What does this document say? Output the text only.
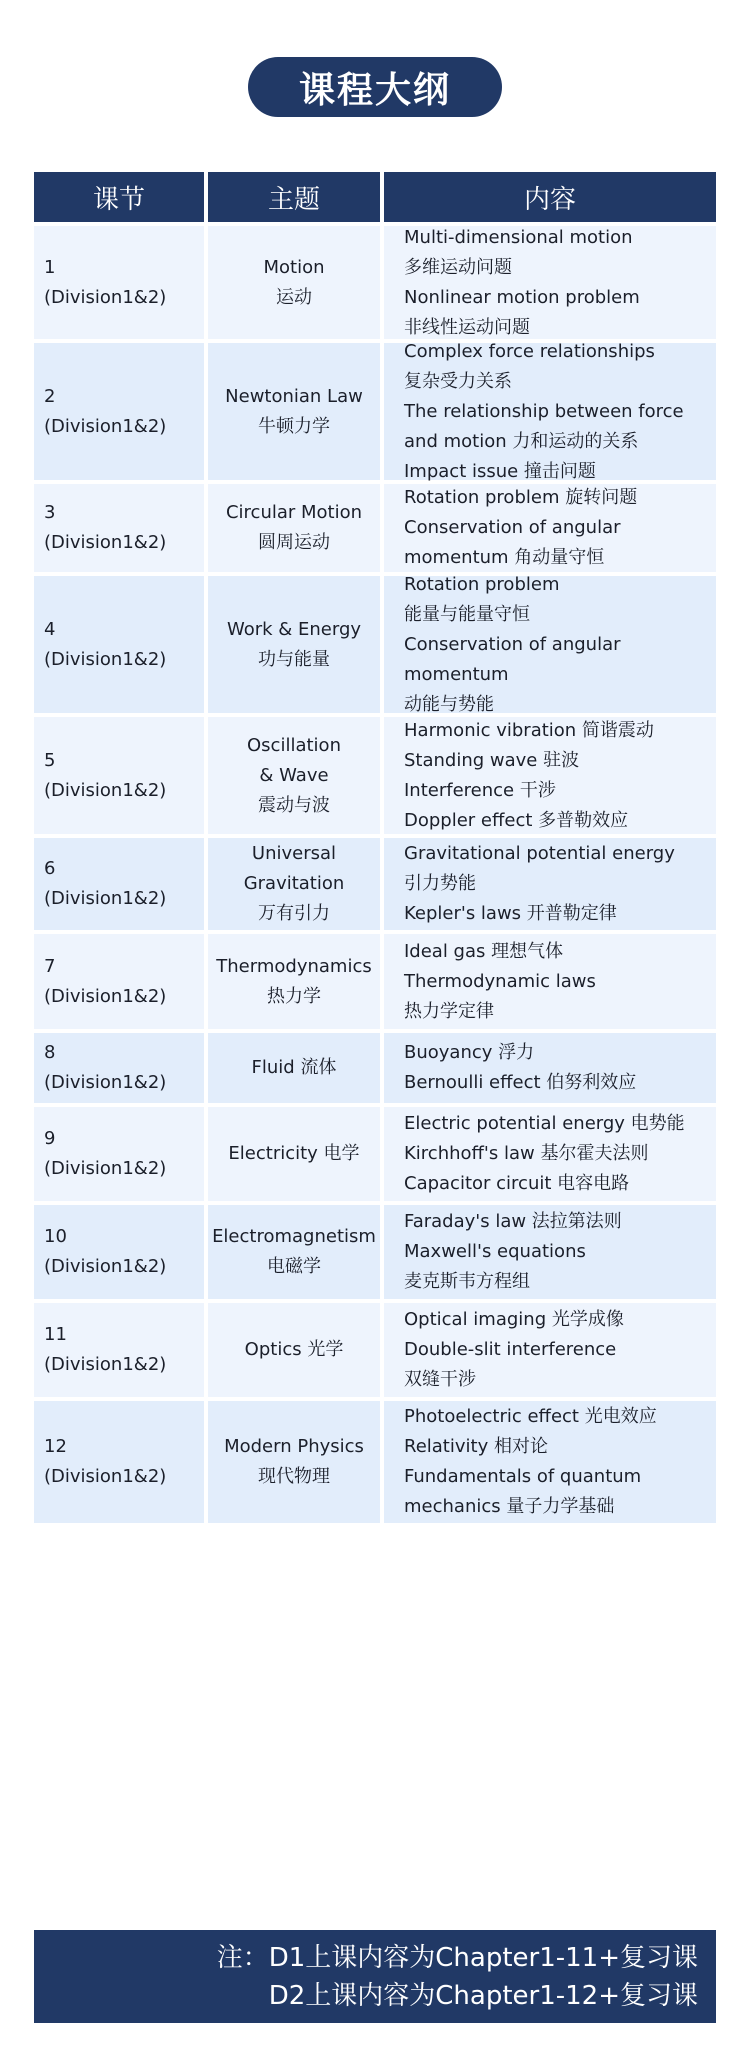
课程大纲
课节	主题	内容
1
(Division1&2)
Motion
运动
Multi-dimensional motion
多维运动问题
Nonlinear motion problem
非线性运动问题
2
(Division1&2)
Newtonian Law
牛顿力学
Complex force relationships
复杂受力关系
The relationship between force and motion 力和运动的关系
Impact issue 撞击问题
3
(Division1&2)
Circular Motion
圆周运动
Rotation problem 旋转问题
Conservation of angular momentum 角动量守恒
4
(Division1&2)
Work & Energy
功与能量
Rotation problem
能量与能量守恒
Conservation of angular momentum
动能与势能
5
(Division1&2)
Oscillation
& Wave
震动与波
Harmonic vibration 简谐震动
Standing wave 驻波
Interference 干涉
Doppler effect 多普勒效应
6
(Division1&2)
Universal
Gravitation
万有引力
Gravitational potential energy
引力势能
Kepler's laws 开普勒定律
7
(Division1&2)
Thermodynamics
热力学
Ideal gas 理想气体
Thermodynamic laws
热力学定律
8
(Division1&2)
Fluid 流体
Buoyancy 浮力
Bernoulli effect 伯努利效应
9
(Division1&2)
Electricity 电学
Electric potential energy 电势能
Kirchhoff's law 基尔霍夫法则
Capacitor circuit 电容电路
10
(Division1&2)
Electromagnetism
电磁学
Faraday's law 法拉第法则
Maxwell's equations
麦克斯韦方程组
11
(Division1&2)
Optics 光学
Optical imaging 光学成像
Double-slit interference
双缝干涉
12
(Division1&2)
Modern Physics
现代物理
Photoelectric effect 光电效应
Relativity 相对论
Fundamentals of quantum mechanics 量子力学基础
注：D1上课内容为Chapter1-11+复习课
D2上课内容为Chapter1-12+复习课
